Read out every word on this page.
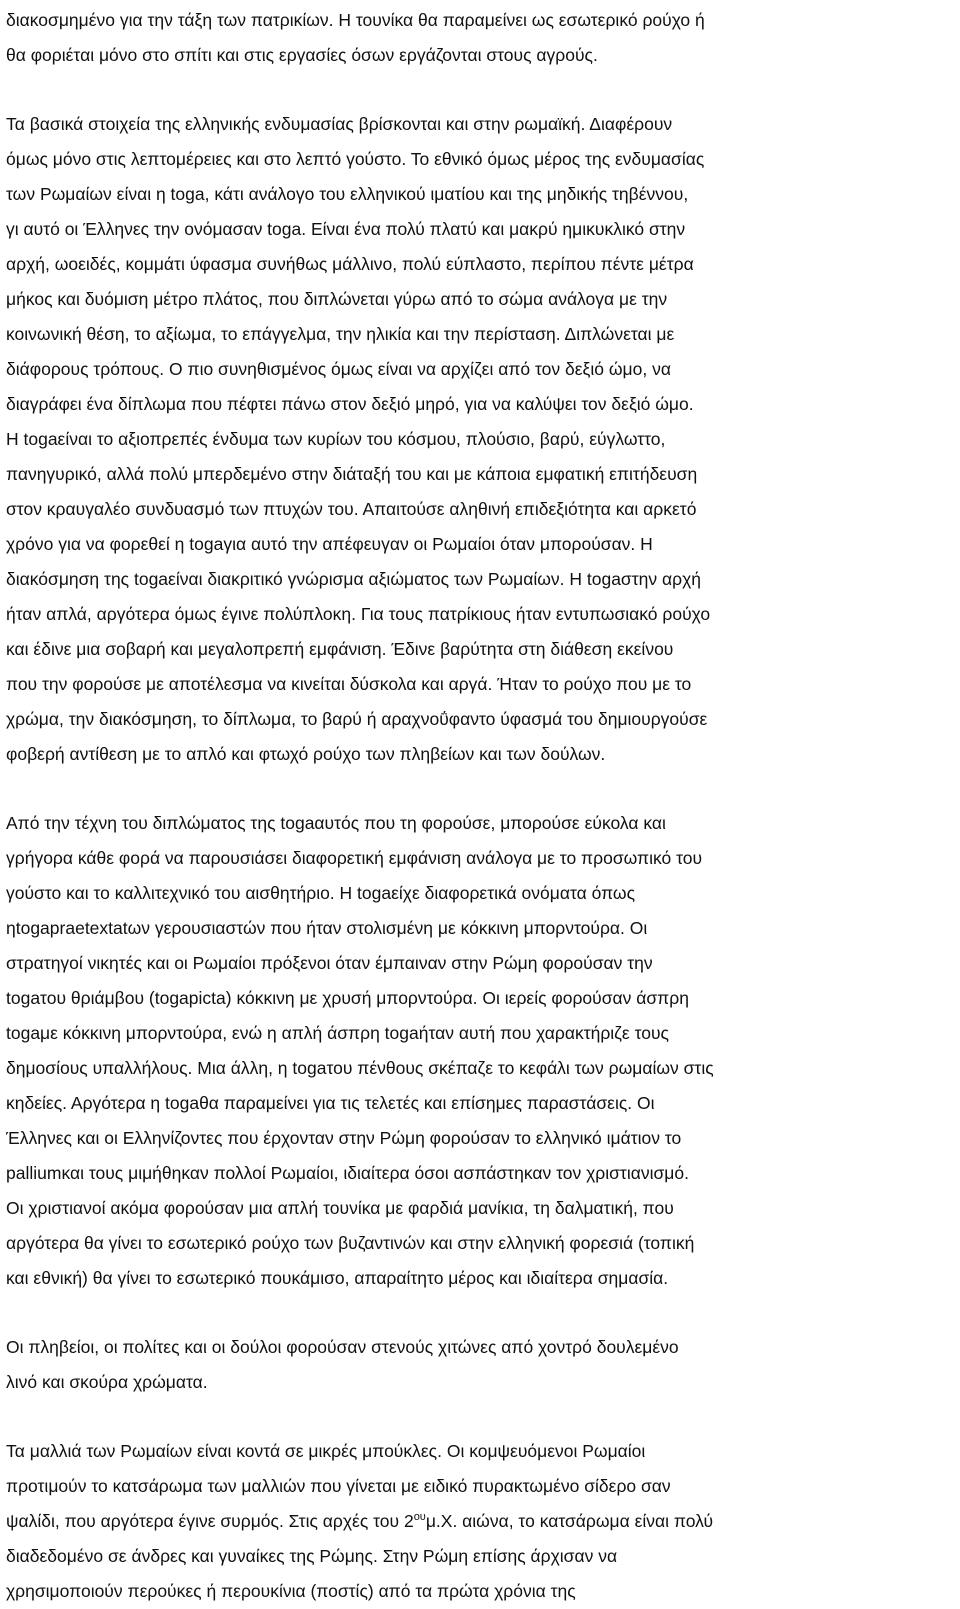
διακοσμημένο για την τάξη των πατρικίων. Η τουνίκα θα παραμείνει ως εσωτερικό ρούχο ή
θα φοριέται μόνο στο σπίτι και στις εργασίες όσων εργάζονται στους αγρούς.

Τα βασικά στοιχεία της ελληνικής ενδυμασίας βρίσκονται και στην ρωμαϊκή. Διαφέρουν
όμως μόνο στις λεπτομέρειες και στο λεπτό γούστο. Το εθνικό όμως μέρος της ενδυμασίας
των Ρωμαίων είναι η toga, κάτι ανάλογο του ελληνικού ιματίου και της μηδικής τηβέννου,
γι αυτό οι Έλληνες την ονόμασαν toga. Είναι ένα πολύ πλατύ και μακρύ ημικυκλικό στην
αρχή, ωοειδές, κομμάτι ύφασμα συνήθως μάλλινο, πολύ εύπλαστο, περίπου πέντε μέτρα
μήκος και δυόμιση μέτρο πλάτος, που διπλώνεται γύρω από το σώμα ανάλογα με την
κοινωνική θέση, το αξίωμα, το επάγγελμα, την ηλικία και την περίσταση. Διπλώνεται με
διάφορους τρόπους. Ο πιο συνηθισμένος όμως είναι να αρχίζει από τον δεξιό ώμο, να
διαγράφει ένα δίπλωμα που πέφτει πάνω στον δεξιό μηρό, για να καλύψει τον δεξιό ώμο.
Η togaείναι το αξιοπρεπές ένδυμα των κυρίων του κόσμου, πλούσιο, βαρύ, εύγλωττο,
πανηγυρικό, αλλά πολύ μπερδεμένο στην διάταξή του και με κάποια εμφατική επιτήδευση
στον κραυγαλέο συνδυασμό των πτυχών του. Απαιτούσε αληθινή επιδεξιότητα και αρκετό
χρόνο για να φορεθεί η togaγια αυτό την απέφευγαν οι Ρωμαίοι όταν μπορούσαν. Η
διακόσμηση της togaείναι διακριτικό γνώρισμα αξιώματος των Ρωμαίων. Η togaστην αρχή
ήταν απλά, αργότερα όμως έγινε πολύπλοκη. Για τους πατρίκιους ήταν εντυπωσιακό ρούχο
και έδινε μια σοβαρή και μεγαλοπρεπή εμφάνιση. Έδινε βαρύτητα στη διάθεση εκείνου
που την φορούσε με αποτέλεσμα να κινείται δύσκολα και αργά. Ήταν το ρούχο που με το
χρώμα, την διακόσμηση, το δίπλωμα, το βαρύ ή αραχνοΰφαντο ύφασμά του δημιουργούσε
φοβερή αντίθεση με το απλό και φτωχό ρούχο των πληβείων και των δούλων.

Από την τέχνη του διπλώματος της togaαυτός που τη φορούσε, μπορούσε εύκολα και
γρήγορα κάθε φορά να παρουσιάσει διαφορετική εμφάνιση ανάλογα με το προσωπικό του
γούστο και το καλλιτεχνικό του αισθητήριο. Η togaείχε διαφορετικά ονόματα όπως
ηtogapraetextatων γερουσιαστών που ήταν στολισμένη με κόκκινη μπορντούρα. Οι
στρατηγοί νικητές και οι Ρωμαίοι πρόξενοι όταν έμπαιναν στην Ρώμη φορούσαν την
togaτου θριάμβου (togapicta) κόκκινη με χρυσή μπορντούρα. Οι ιερείς φορούσαν άσπρη
togaμε κόκκινη μπορντούρα, ενώ η απλή άσπρη togaήταν αυτή που χαρακτήριζε τους
δημοσίους υπαλλήλους. Μια άλλη, η togaτου πένθους σκέπαζε το κεφάλι των ρωμαίων στις
κηδείες. Αργότερα η togaθα παραμείνει για τις τελετές και επίσημες παραστάσεις. Οι
Έλληνες και οι Ελληνίζοντες που έρχονταν στην Ρώμη φορούσαν το ελληνικό ιμάτιον το
palliumκαι τους μιμήθηκαν πολλοί Ρωμαίοι, ιδιαίτερα όσοι ασπάστηκαν τον χριστιανισμό.
Οι χριστιανοί ακόμα φορούσαν μια απλή τουνίκα με φαρδιά μανίκια, τη δαλματική, που
αργότερα θα γίνει το εσωτερικό ρούχο των βυζαντινών και στην ελληνική φορεσιά (τοπική
και εθνική) θα γίνει το εσωτερικό πουκάμισο, απαραίτητο μέρος και ιδιαίτερα σημασία.

Οι πληβείοι, οι πολίτες και οι δούλοι φορούσαν στενούς χιτώνες από χοντρό δουλεμένο
λινό και σκούρα χρώματα.

Τα μαλλιά των Ρωμαίων είναι κοντά σε μικρές μπούκλες. Οι κομψευόμενοι Ρωμαίοι
προτιμούν το κατσάρωμα των μαλλιών που γίνεται με ειδικό πυρακτωμένο σίδερο σαν
ψαλίδι, που αργότερα έγινε συρμός. Στις αρχές του $2^{o\upsilon}\mu.X$. αιώνα, το κατσάρωμα είναι πολύ
διαδεδομένο σε άνδρες και γυναίκες της Ρώμης. Στην Ρώμη επίσης άρχισαν να
χρησιμοποιούν περούκες ή περουκίνια (ποστίς) από τα πρώτα χρόνια της
